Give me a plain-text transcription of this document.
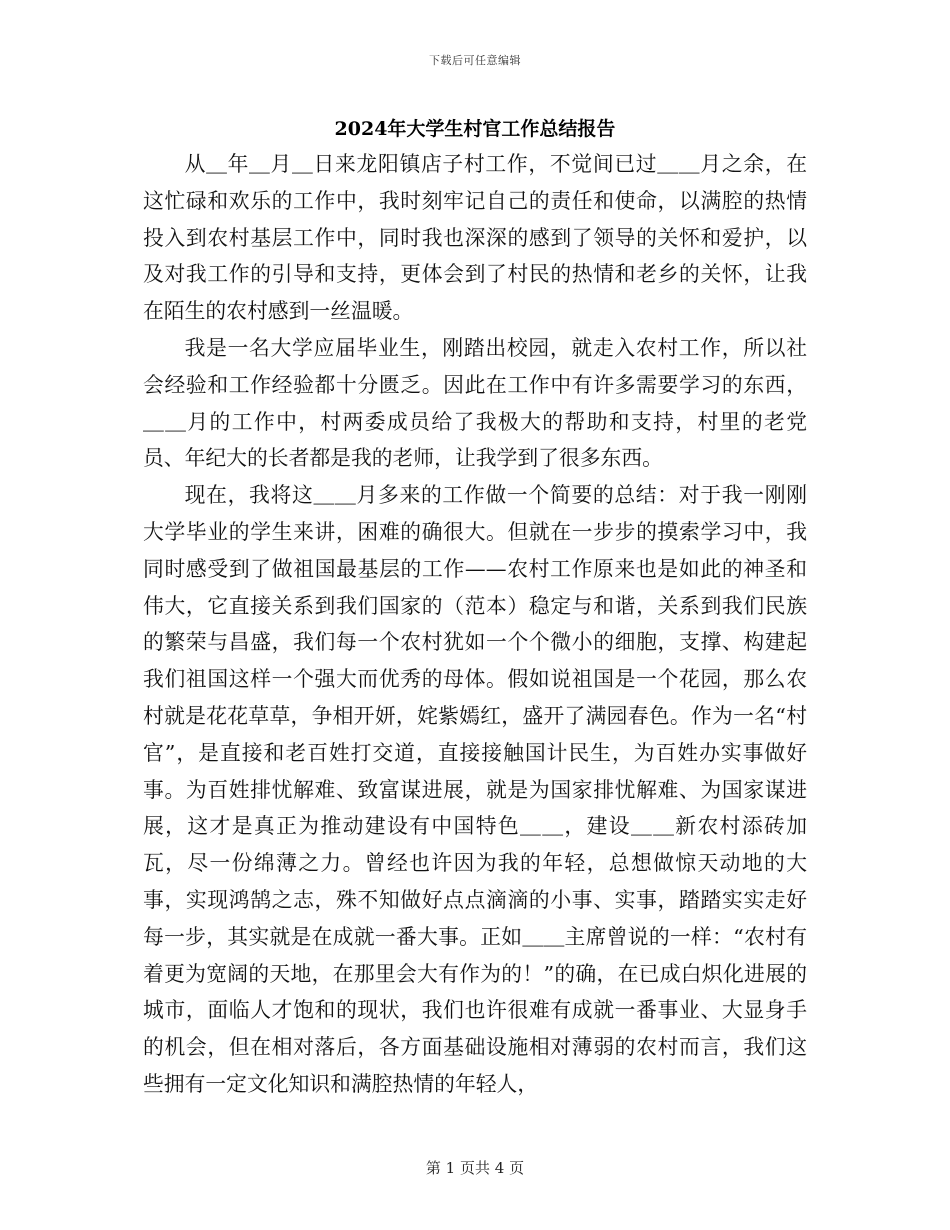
下载后可任意编辑
2024年大学生村官工作总结报告

从＿年＿月＿日来龙阳镇店子村工作，不觉间已过＿＿月之余，在这忙碌和欢乐的工作中，我时刻牢记自己的责任和使命，以满腔的热情投入到农村基层工作中，同时我也深深的感到了领导的关怀和爱护，以及对我工作的引导和支持，更体会到了村民的热情和老乡的关怀，让我在陌生的农村感到一丝温暖。

我是一名大学应届毕业生，刚踏出校园，就走入农村工作，所以社会经验和工作经验都十分匮乏。因此在工作中有许多需要学习的东西，＿＿月的工作中，村两委成员给了我极大的帮助和支持，村里的老党员、年纪大的长者都是我的老师，让我学到了很多东西。

现在，我将这＿＿月多来的工作做一个简要的总结：对于我一刚刚大学毕业的学生来讲，困难的确很大。但就在一步步的摸索学习中，我同时感受到了做祖国最基层的工作——农村工作原来也是如此的神圣和伟大，它直接关系到我们国家的（范本）稳定与和谐，关系到我们民族的繁荣与昌盛，我们每一个农村犹如一个个微小的细胞，支撑、构建起我们祖国这样一个强大而优秀的母体。假如说祖国是一个花园，那么农村就是花花草草，争相开妍，姹紫嫣红，盛开了满园春色。作为一名“村官”，是直接和老百姓打交道，直接接触国计民生，为百姓办实事做好事。为百姓排忧解难、致富谋进展，就是为国家排忧解难、为国家谋进展，这才是真正为推动建设有中国特色＿＿，建设＿＿新农村添砖加瓦，尽一份绵薄之力。曾经也许因为我的年轻，总想做惊天动地的大事，实现鸿鹄之志，殊不知做好点点滴滴的小事、实事，踏踏实实走好每一步，其实就是在成就一番大事。正如＿＿主席曾说的一样：“农村有着更为宽阔的天地，在那里会大有作为的！”的确，在已成白炽化进展的城市，面临人才饱和的现状，我们也许很难有成就一番事业、大显身手的机会，但在相对落后，各方面基础设施相对薄弱的农村而言，我们这些拥有一定文化知识和满腔热情的年轻人，

第 1 页共 4 页
